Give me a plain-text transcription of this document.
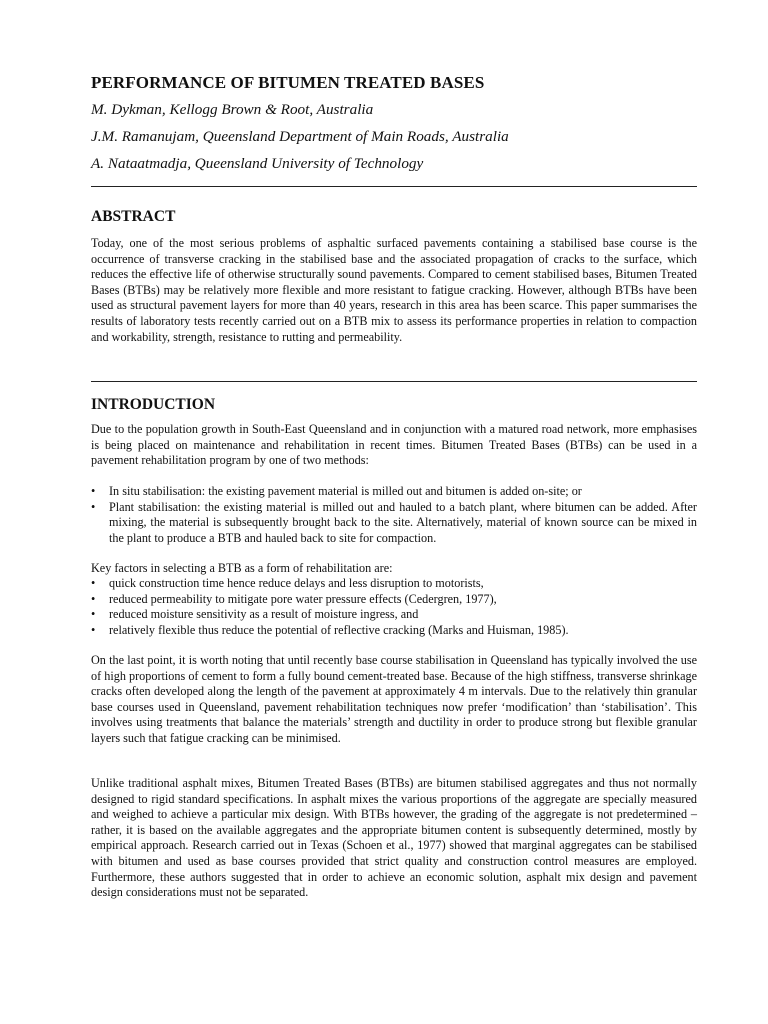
PERFORMANCE OF BITUMEN TREATED BASES
M. Dykman, Kellogg Brown & Root, Australia
J.M. Ramanujam, Queensland Department of Main Roads, Australia
A. Nataatmadja, Queensland University of Technology
ABSTRACT

Today, one of the most serious problems of asphaltic surfaced pavements containing a stabilised base course is the occurrence of transverse cracking in the stabilised base and the associated propagation of cracks to the surface, which reduces the effective life of otherwise structurally sound pavements. Compared to cement stabilised bases, Bitumen Treated Bases (BTBs) may be relatively more flexible and more resistant to fatigue cracking. However, although BTBs have been used as structural pavement layers for more than 40 years, research in this area has been scarce. This paper summarises the results of laboratory tests recently carried out on a BTB mix to assess its performance properties in relation to compaction and workability, strength, resistance to rutting and permeability.

INTRODUCTION

Due to the population growth in South-East Queensland and in conjunction with a matured road network, more emphasises is being placed on maintenance and rehabilitation in recent times. Bitumen Treated Bases (BTBs) can be used in a pavement rehabilitation program by one of two methods:

• In situ stabilisation: the existing pavement material is milled out and bitumen is added on-site; or
• Plant stabilisation: the existing material is milled out and hauled to a batch plant, where bitumen can be added. After mixing, the material is subsequently brought back to the site. Alternatively, material of known source can be mixed in the plant to produce a BTB and hauled back to site for compaction.

Key factors in selecting a BTB as a form of rehabilitation are:

• quick construction time hence reduce delays and less disruption to motorists,
• reduced permeability to mitigate pore water pressure effects (Cedergren, 1977),
• reduced moisture sensitivity as a result of moisture ingress, and
• relatively flexible thus reduce the potential of reflective cracking (Marks and Huisman, 1985).

On the last point, it is worth noting that until recently base course stabilisation in Queensland has typically involved the use of high proportions of cement to form a fully bound cement-treated base. Because of the high stiffness, transverse shrinkage cracks often developed along the length of the pavement at approximately 4 m intervals. Due to the relatively thin granular base courses used in Queensland, pavement rehabilitation techniques now prefer ‘modification’ than ‘stabilisation’. This involves using treatments that balance the materials’ strength and ductility in order to produce strong but flexible granular layers such that fatigue cracking can be minimised.

Unlike traditional asphalt mixes, Bitumen Treated Bases (BTBs) are bitumen stabilised aggregates and thus not normally designed to rigid standard specifications. In asphalt mixes the various proportions of the aggregate are specially measured and weighed to achieve a particular mix design. With BTBs however, the grading of the aggregate is not predetermined – rather, it is based on the available aggregates and the appropriate bitumen content is subsequently determined, mostly by empirical approach. Research carried out in Texas (Schoen et al., 1977) showed that marginal aggregates can be stabilised with bitumen and used as base courses provided that strict quality and construction control measures are employed. Furthermore, these authors suggested that in order to achieve an economic solution, asphalt mix design and pavement design considerations must not be separated.
